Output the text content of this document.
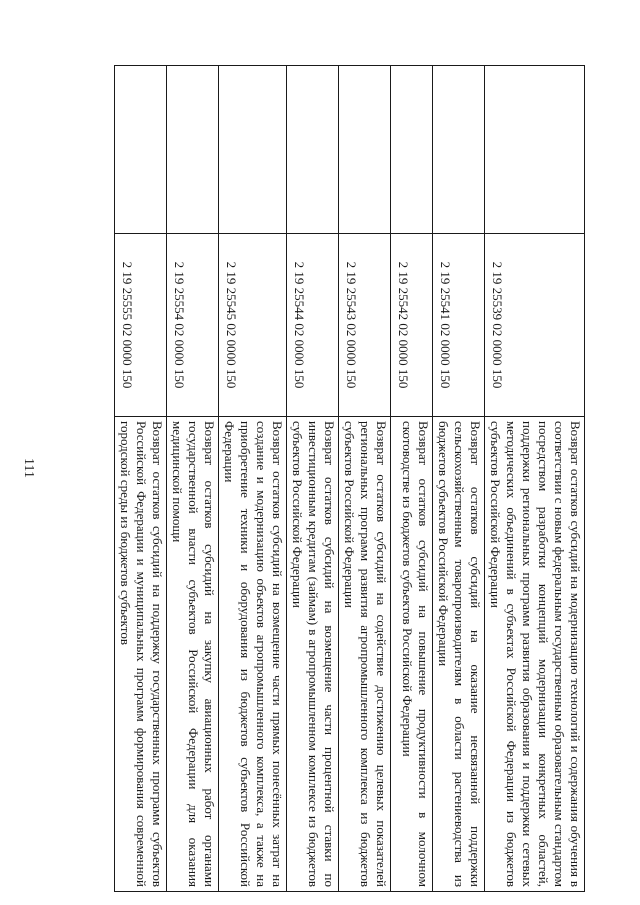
111
	2 19 25539 02 0000 150	Возврат остатков субсидий на модернизацию технологий и содержания обучения в соответствии с новым федеральным государственным образовательным стандартом посредством разработки концепций модернизации конкретных областей, поддержки региональных программ развития образования и поддержки сетевых методических объединений в субъектах Российской Федерации из бюджетов субъектов Российской Федерации
	2 19 25541 02 0000 150	Возврат остатков субсидий на оказание несвязанной поддержки сельскохозяйственным товаропроизводителям в области растениеводства из бюджетов субъектов Российской Федерации
	2 19 25542 02 0000 150	Возврат остатков субсидий на повышение продуктивности в молочном скотоводстве из бюджетов субъектов Российской Федерации
	2 19 25543 02 0000 150	Возврат остатков субсидий на содействие достижению целевых показателей региональных программ развития агропромышленного комплекса из бюджетов субъектов Российской Федерации
	2 19 25544 02 0000 150	Возврат остатков субсидий на возмещение части процентной ставки по инвестиционным кредитам (займам) в агропромышленном комплексе из бюджетов субъектов Российской Федерации
	2 19 25545 02 0000 150	Возврат остатков субсидий на возмещение части прямых понесённых затрат на создание и модернизацию объектов агропромышленного комплекса, а также на приобретение техники и оборудования из бюджетов субъектов Российской Федерации
	2 19 25554 02 0000 150	Возврат остатков субсидий на закупку авиационных работ органами государственной власти субъектов Российской Федерации для оказания медицинской помощи
	2 19 25555 02 0000 150	Возврат остатков субсидий на поддержку государственных программ субъектов Российской Федерации и муниципальных программ формирования современной городской среды из бюджетов субъектов
